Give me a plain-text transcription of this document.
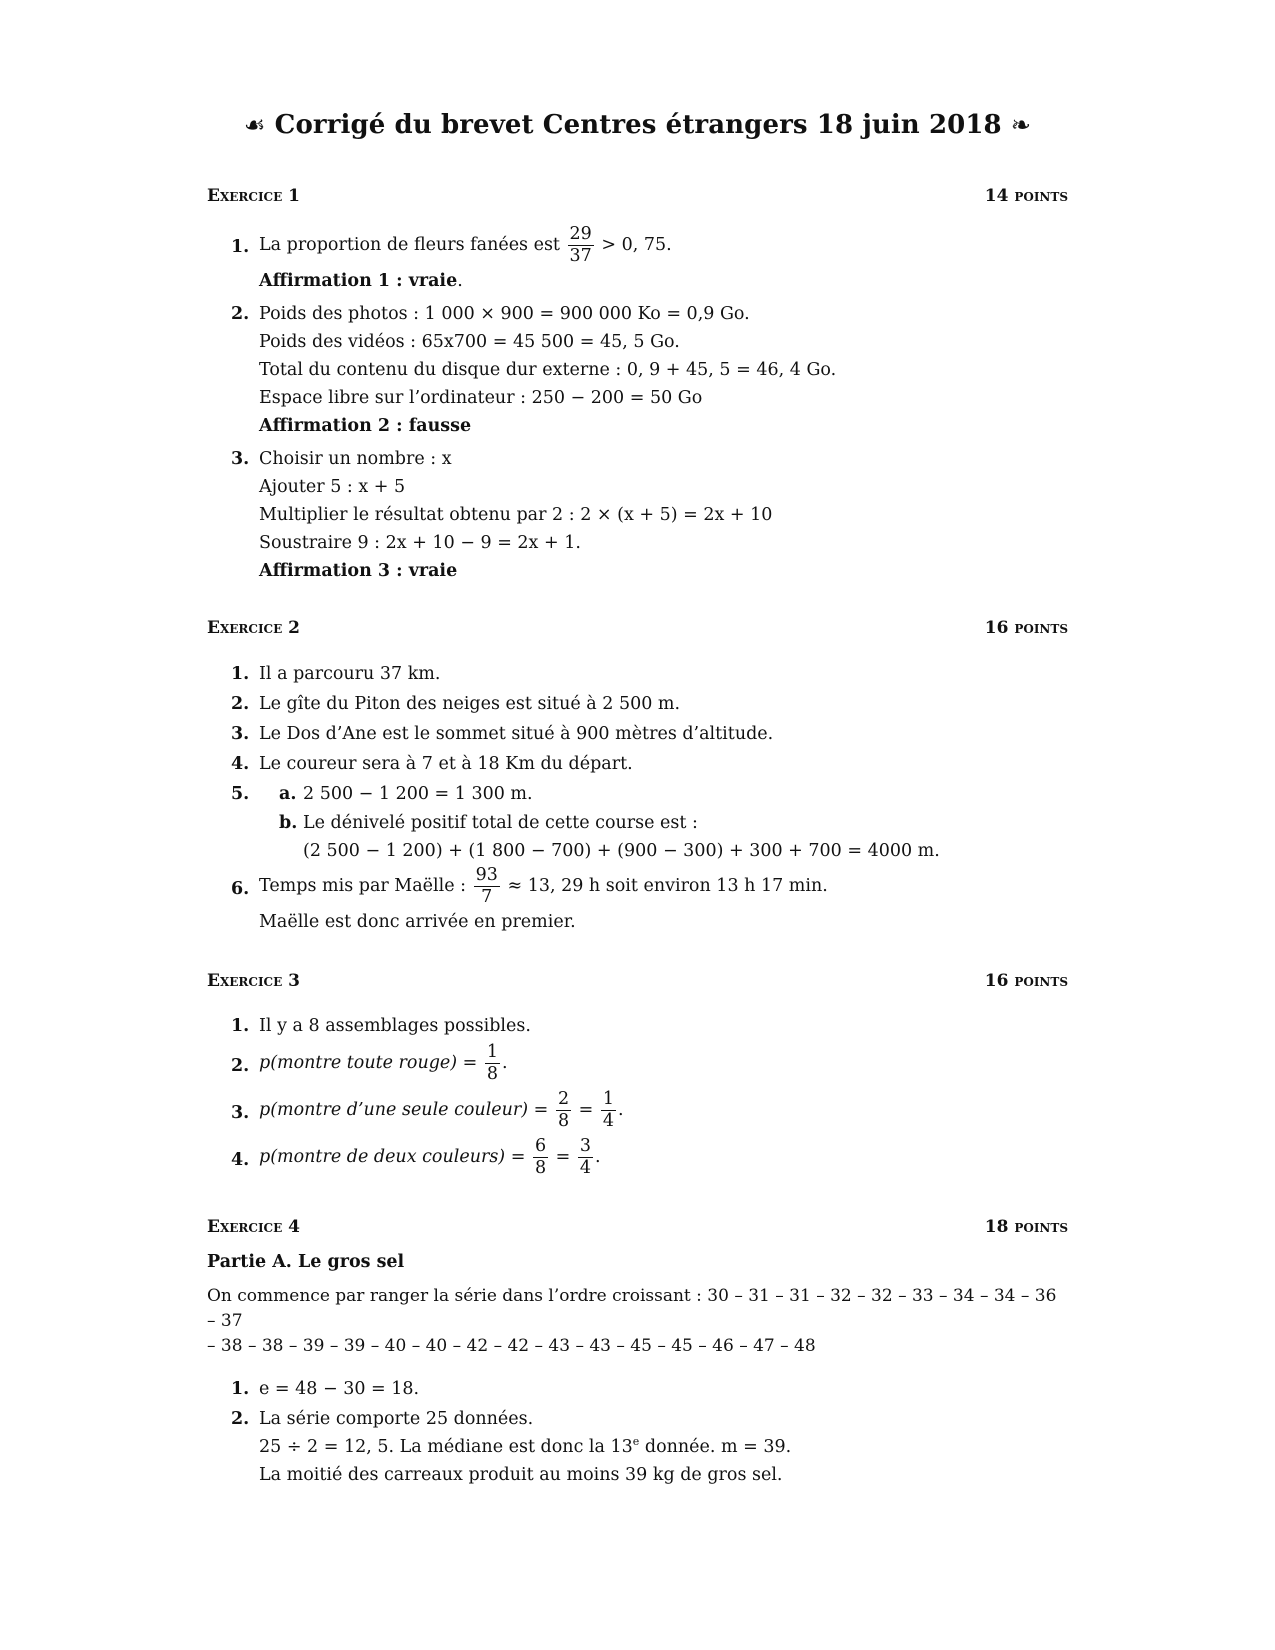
☙ Corrigé du brevet Centres étrangers 18 juin 2018 ❧
Exercice 1	14 points
1. La proportion de fleurs fanées est $\frac{29}{37} > 0$, 75.
Affirmation 1 : vraie.
2. Poids des photos : 1 000 × 900 = 900 000 Ko = 0,9 Go.
Poids des vidéos : 65x700 = 45 500 = 45, 5 Go.
Total du contenu du disque dur externe : 0, 9 + 45, 5 = 46, 4 Go.
Espace libre sur l’ordinateur : 250 − 200 = 50 Go
Affirmation 2 : fausse
3. Choisir un nombre : x
Ajouter 5 : x + 5
Multiplier le résultat obtenu par 2 : 2 × (x + 5) = 2x + 10
Soustraire 9 : 2x + 10 − 9 = 2x + 1.
Affirmation 3 : vraie
Exercice 2	16 points
1. Il a parcouru 37 km.
2. Le gîte du Piton des neiges est situé à 2 500 m.
3. Le Dos d’Ane est le sommet situé à 900 mètres d’altitude.
4. Le coureur sera à 7 et à 18 Km du départ.
5. a. 2 500 − 1 200 = 1 300 m.
b. Le dénivelé positif total de cette course est :
(2 500 − 1 200) + (1 800 − 700) + (900 − 300) + 300 + 700 = 4000 m.
6. Temps mis par Maëlle : $\frac{93}{7} \approx 13$, 29 h soit environ 13 h 17 min.
Maëlle est donc arrivée en premier.
Exercice 3	16 points
1. Il y a 8 assemblages possibles.
2. p(montre toute rouge) = $\frac{1}{8}$ .
3. p(montre d’une seule couleur) = $\frac{2}{8} = \frac{1}{4}$ .
4. p(montre de deux couleurs) = $\frac{6}{8} = \frac{3}{4}$ .
Exercice 4	18 points
Partie A. Le gros sel
On commence par ranger la série dans l’ordre croissant : 30 – 31 – 31 – 32 – 32 – 33 – 34 – 34 – 36 – 37
– 38 – 38 – 39 – 39 – 40 – 40 – 42 – 42 – 43 – 43 – 45 – 45 – 46 – 47 – 48
1. e = 48 − 30 = 18.
2. La série comporte 25 données.
25 ÷ 2 = 12, 5. La médiane est donc la 13e donnée. m = 39.
La moitié des carreaux produit au moins 39 kg de gros sel.
